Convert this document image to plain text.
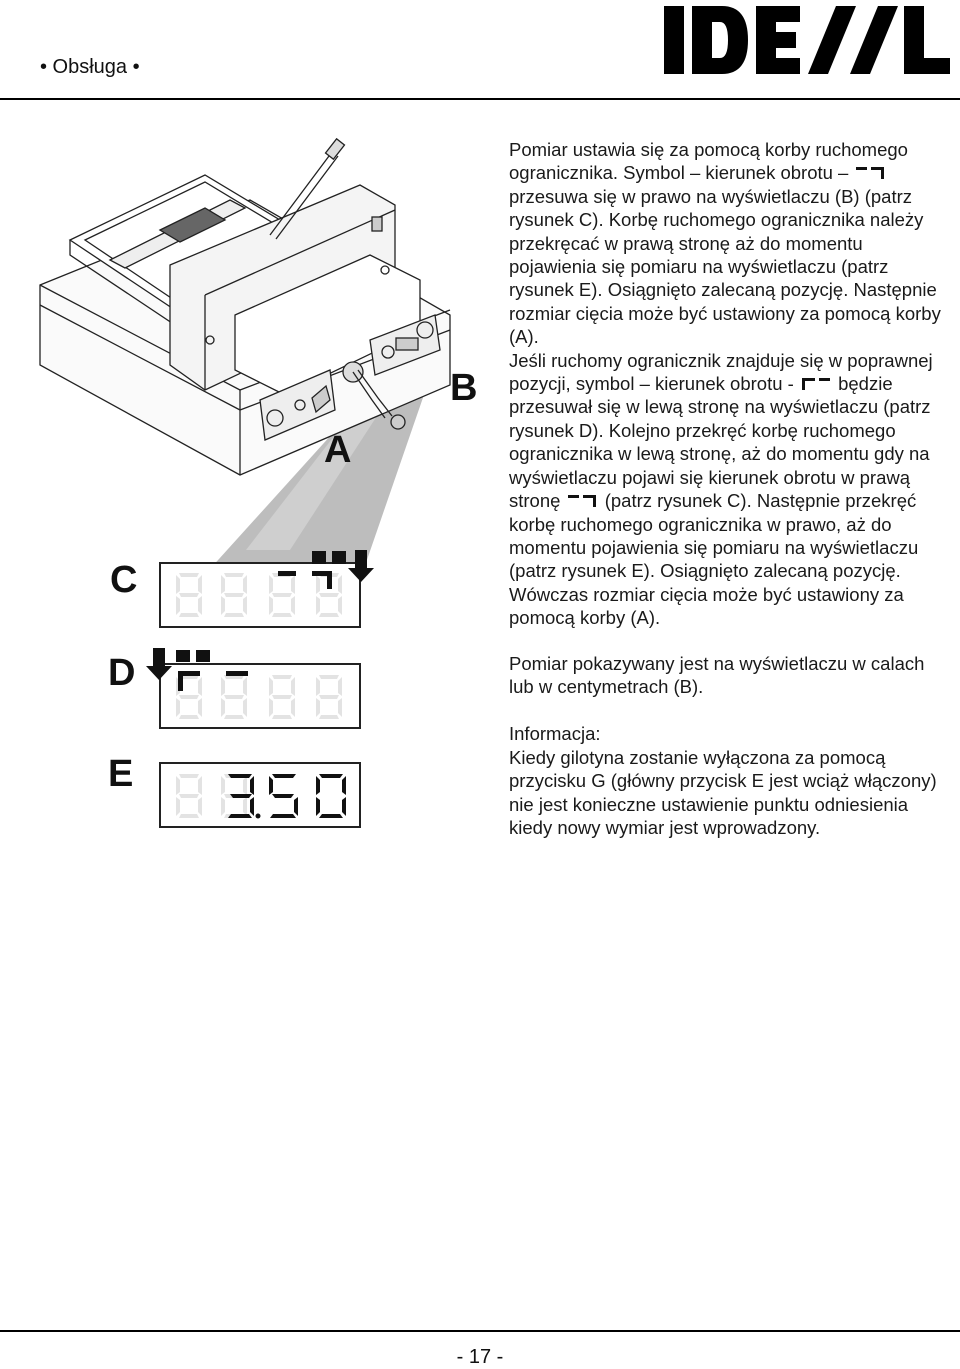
• Obsługa •
A
B
C
D
E

Pomiar ustawia się za pomocą korby ruchomego ogranicznika. Symbol – kierunek obrotu –  przesuwa się w prawo na wyświetlaczu (B) (patrz rysunek C). Korbę ruchomego ogranicznika należy przekręcać w prawą stronę aż do momentu pojawienia się pomiaru na wyświetlaczu (patrz rysunek E). Osiągnięto zalecaną pozycję. Następnie rozmiar cięcia może być ustawiony za pomocą korby (A).

Jeśli ruchomy ogranicznik znajduje się w poprawnej pozycji, symbol – kierunek obrotu - będzie przesuwał się w lewą stronę na wyświetlaczu (patrz rysunek D). Kolejno przekręć korbę ruchomego ogranicznika w lewą stronę, aż do momentu gdy na wyświetlaczu pojawi się kierunek obrotu w prawą stronę (patrz rysunek C). Następnie przekręć korbę ruchomego ogranicznika w prawo, aż do momentu pojawienia się pomiaru na wyświetlaczu (patrz rysunek E). Osiągnięto zalecaną pozycję.

Wówczas rozmiar cięcia może być ustawiony za pomocą korby (A).

Pomiar pokazywany jest na wyświetlaczu w calach lub w centymetrach (B).

Informacja:

Kiedy gilotyna zostanie wyłączona za pomocą przycisku G (główny przycisk E jest wciąż włączony) nie jest konieczne ustawienie punktu odniesienia kiedy nowy wymiar jest wprowadzony.

- 17 -
